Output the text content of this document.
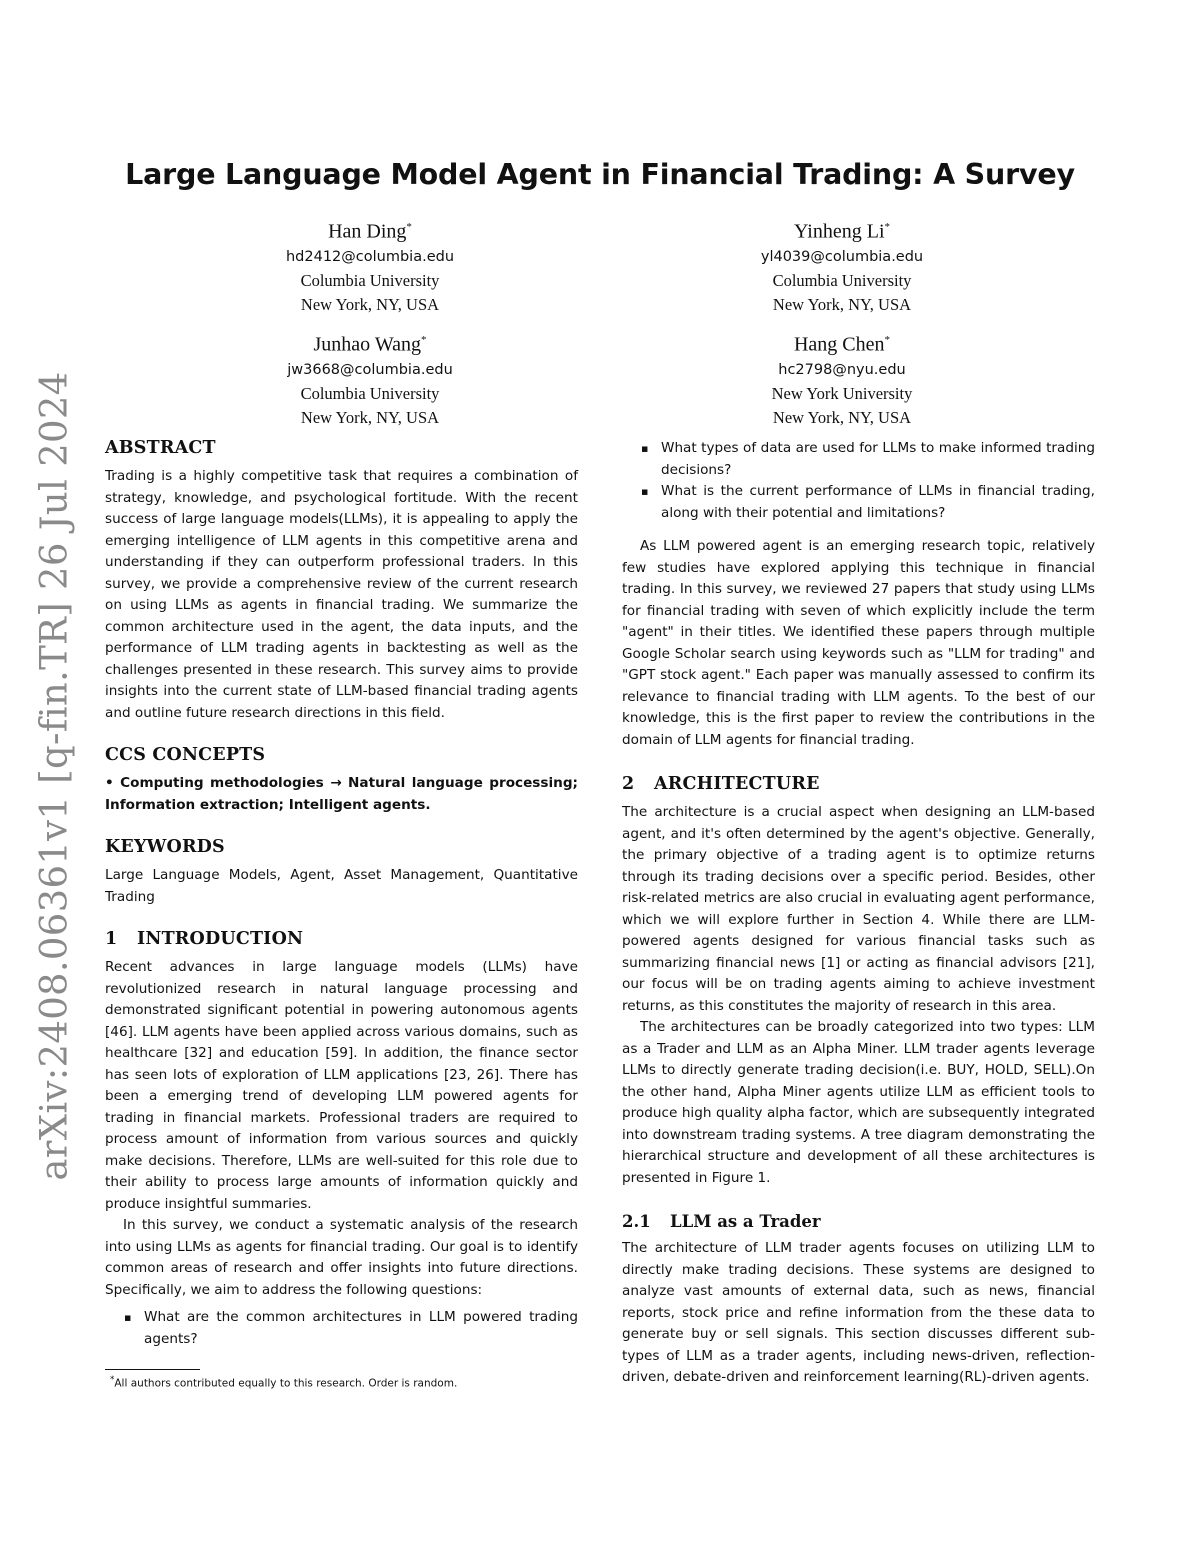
arXiv:2408.06361v1 [q-fin.TR] 26 Jul 2024
Large Language Model Agent in Financial Trading: A Survey
Han Ding*
hd2412@columbia.edu
Columbia University
New York, NY, USA
Yinheng Li*
yl4039@columbia.edu
Columbia University
New York, NY, USA
Junhao Wang*
jw3668@columbia.edu
Columbia University
New York, NY, USA
Hang Chen*
hc2798@nyu.edu
New York University
New York, NY, USA
ABSTRACT

Trading is a highly competitive task that requires a combination of strategy, knowledge, and psychological fortitude. With the recent success of large language models(LLMs), it is appealing to apply the emerging intelligence of LLM agents in this competitive arena and understanding if they can outperform professional traders. In this survey, we provide a comprehensive review of the current research on using LLMs as agents in financial trading. We summarize the common architecture used in the agent, the data inputs, and the performance of LLM trading agents in backtesting as well as the challenges presented in these research. This survey aims to provide insights into the current state of LLM-based financial trading agents and outline future research directions in this field.

CCS CONCEPTS

• Computing methodologies → Natural language processing; Information extraction; Intelligent agents.

KEYWORDS

Large Language Models, Agent, Asset Management, Quantitative Trading

1 INTRODUCTION

Recent advances in large language models (LLMs) have revolutionized research in natural language processing and demonstrated significant potential in powering autonomous agents [46]. LLM agents have been applied across various domains, such as healthcare [32] and education [59]. In addition, the finance sector has seen lots of exploration of LLM applications [23, 26]. There has been a emerging trend of developing LLM powered agents for trading in financial markets. Professional traders are required to process amount of information from various sources and quickly make decisions. Therefore, LLMs are well-suited for this role due to their ability to process large amounts of information quickly and produce insightful summaries.

In this survey, we conduct a systematic analysis of the research into using LLMs as agents for financial trading. Our goal is to identify common areas of research and offer insights into future directions. Specifically, we aim to address the following questions:

▪ What are the common architectures in LLM powered trading agents?
▪ What types of data are used for LLMs to make informed trading decisions?
▪ What is the current performance of LLMs in financial trading, along with their potential and limitations?

As LLM powered agent is an emerging research topic, relatively few studies have explored applying this technique in financial trading. In this survey, we reviewed 27 papers that study using LLMs for financial trading with seven of which explicitly include the term "agent" in their titles. We identified these papers through multiple Google Scholar search using keywords such as "LLM for trading" and "GPT stock agent." Each paper was manually assessed to confirm its relevance to financial trading with LLM agents. To the best of our knowledge, this is the first paper to review the contributions in the domain of LLM agents for financial trading.

2 ARCHITECTURE

The architecture is a crucial aspect when designing an LLM-based agent, and it's often determined by the agent's objective. Generally, the primary objective of a trading agent is to optimize returns through its trading decisions over a specific period. Besides, other risk-related metrics are also crucial in evaluating agent performance, which we will explore further in Section 4. While there are LLM-powered agents designed for various financial tasks such as summarizing financial news [1] or acting as financial advisors [21], our focus will be on trading agents aiming to achieve investment returns, as this constitutes the majority of research in this area.

The architectures can be broadly categorized into two types: LLM as a Trader and LLM as an Alpha Miner. LLM trader agents leverage LLMs to directly generate trading decision(i.e. BUY, HOLD, SELL).On the other hand, Alpha Miner agents utilize LLM as efficient tools to produce high quality alpha factor, which are subsequently integrated into downstream trading systems. A tree diagram demonstrating the hierarchical structure and development of all these architectures is presented in Figure 1.

2.1 LLM as a Trader

The architecture of LLM trader agents focuses on utilizing LLM to directly make trading decisions. These systems are designed to analyze vast amounts of external data, such as news, financial reports, stock price and refine information from the these data to generate buy or sell signals. This section discusses different sub-types of LLM as a trader agents, including news-driven, reflection-driven, debate-driven and reinforcement learning(RL)-driven agents.

*All authors contributed equally to this research. Order is random.
